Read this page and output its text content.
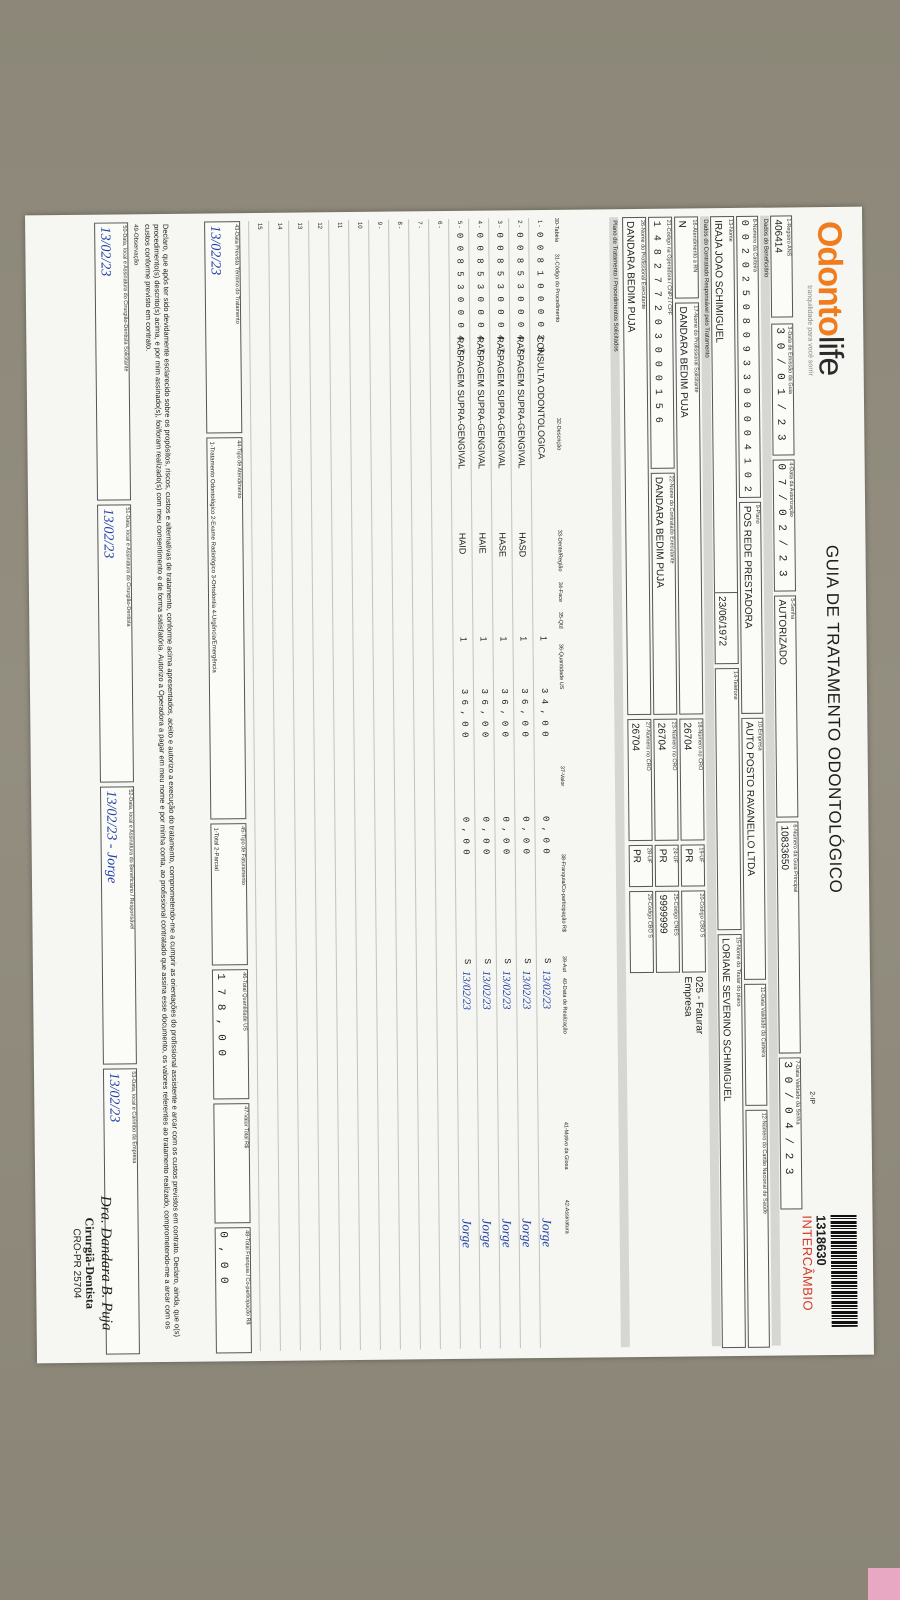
Odontolife
tranquilidade para você sorrir
GUIA DE TRATAMENTO ODONTOLÓGICO
2-IP
1318630
INTERCÂMBIO
1-Registro ANS
406414
3-Data de Emissão da Guia
3 0 / 0 1 / 2 3
4-Data da Autorização
0 7 / 0 2 / 2 3
5-Senha
AUTORIZADO
6-Número da Guia Principal
10833650
7-Data Validade da Senha
3 0 / 0 4 / 2 3
Dados do Beneficiário
8-Número da Carteira
0 0 2 0 2 5 0 8 0 9 3 3 0 0 0 0 4 1 0 2
9-Plano
POS REDE PRESTADORA
10-Empresa
AUTO POSTO RAVANELLO LTDA
11-Data Validade da Carteira
12-Número do Cartão Nacional de Saúde
13-Nome
IRAJA JOAO SCHIMIGUEL
23/06/1972
14-Telefone
15-Nome do Titular do plano
LORIANE SEVERINO SCHIMIGUEL
Dados do Contratado Responsável pelo Tratamento
16-Atendimento a RN
N
17-Nome do Profissional Solicitante
DANDARA BEDIM PUJA
18-Número no CRO
26704
19-UF
PR
20-Código CBO S
025 - Faturar Empresa
21-Código na Operadora / CNPJ / CPF
1 4 8 2 7 7 2 0 3 0 0 0 1 5 6
22-Nome do Contratado Executante
DANDARA BEDIM PUJA
23-Número no CRO
26704
24-UF
PR
25-Código CNES
9999999
26-Nome do Profissional Executante
DANDARA BEDIM PUJA
27-Número no CRO
26704
28-UF
PR
29-Código CBO S
Plano de Tratamento / Procedimentos Solicitados
30-Tabela
31-Código do Procedimento
32-Descrição
33-Dente/Região
34-Face
35-Qtd
36-Quantidade US
37-Valor
38-Franquia/Co-participação R$
39-Aut
40-Data de Realização
41-Motivo da Glosa
42-Assinatura
1 -
0 0 8 1 0 0 0 0 3 0
CONSULTA ODONTOLOGICA
1
3 4 , 0 0
0 , 0 0
S
13/02/23
Jorge
2 -
0 0 8 5 3 0 0 0 4 7
RASPAGEM SUPRA-GENGIVAL
HASD
1
3 6 , 0 0
0 , 0 0
S
13/02/23
Jorge
3 -
0 0 8 5 3 0 0 0 4 7
RASPAGEM SUPRA-GENGIVAL
HASE
1
3 6 , 0 0
0 , 0 0
S
13/02/23
Jorge
4 -
0 0 8 5 3 0 0 0 4 7
RASPAGEM SUPRA-GENGIVAL
HAIE
1
3 6 , 0 0
0 , 0 0
S
13/02/23
Jorge
5 -
0 0 8 5 3 0 0 0 4 7
RASPAGEM SUPRA-GENGIVAL
HAID
1
3 6 , 0 0
0 , 0 0
S
13/02/23
Jorge
6 -
7 -
8 -
9 -
10
11
12
13
14
15
43-Data Prevista Término do Tratamento
13/02/23
44-Tipo de Atendimento
1-Tratamento Odontológico 2-Exame Radiológico 3-Ortodontia 4-Urgência/Emergência
45-Tipo de Faturamento
1-Total 2-Parcial
46-Total Quantidade US
1 7 8 , 0 0
47-Valor Total R$
48-Total Franquia / Co-participação R$
0 , 0 0
Declaro, que após ter sido devidamente esclarecido sobre os propósitos, riscos, custos e alternativas de tratamento, conforme acima apresentados, aceito e autorizo a execução do tratamento, comprometendo-me a cumprir as orientações do profissional assistente e arcar com os custos previstos em contrato. Declaro, ainda, que o(s) procedimento(s) descrito(s) acima, e por mim assinado(s), foi/foram realizado(s) com meu consentimento e de forma satisfatória. Autorizo a Operadora a pagar em meu nome e por minha conta, ao profissional contratado que assina esse documento, os valores referentes ao tratamento realizado, comprometendo-me a arcar com os custos conforme previsto em contrato.
49-Observação
50-Data, local e Assinatura do Cirurgião-Dentista Solicitante
13/02/23
51-Data, local e Assinatura do Cirurgião-Dentista
13/02/23
52-Data, local e Assinatura do Beneficiário / Responsável
13/02/23 - Jorge
53-Data, local e Carimbo da Empresa
13/02/23
Dra. Dandara B. Puja
Cirurgiã-Dentista
CRO-PR 25704
